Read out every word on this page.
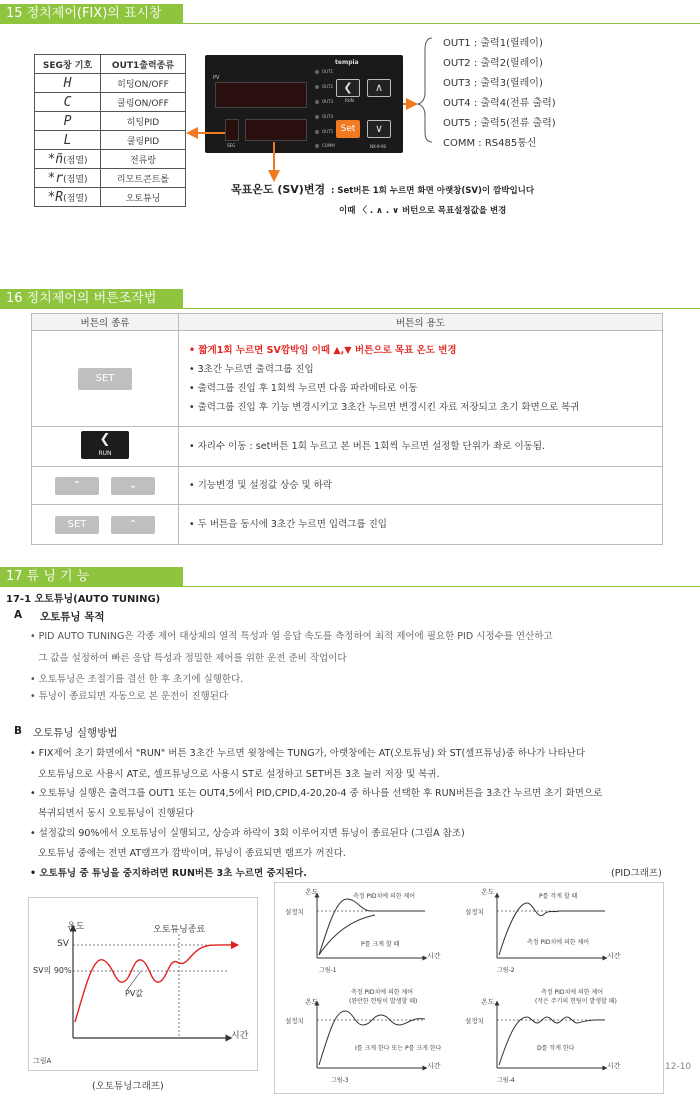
15 정치제어(FIX)의 표시창
SEG창 기호	OUT1출력종류
H	히팅ON/OFF
C	쿨링ON/OFF
P	히팅PID
L	쿨링PID
*ñ(점멸)	전류랑
*r(점멸)	리모트콘트롤
*R(점멸)	오토튜닝
tempia
PV
SEG
OUT1
OUT2
OUT3
OUT4
OUT5
COMM
❮
RUN
∧
Set	∨
NX-9-00
OUT1 : 출력1(릴레이)
OUT2 : 출력2(릴레이)
OUT3 : 출력3(릴레이)
OUT4 : 출력4(전류 출력)
OUT5 : 출력5(전류 출력)
COMM : RS485통신
목표온도 (SV)변경 : Set버튼 1회 누르면 화면 아랫창(SV)이 깜박입니다
이때 〈 . ∧ . ∨ 버턴으로 목표설정값을 변경
16 정치제어의 버튼조작법
버튼의 종류	버튼의 용도
SET	• 짧게1회 누르면 SV깜박임 이때 ▲,▼ 버튼으로 목표 온도 변경
• 3초간 누르면 출력그룹 진입
• 출력그룹 진입 후 1회씩 누르면 다음 파라메타로 이동
• 출력그룹 진입 후 기능 변경시키고 3초간 누르면 변경시킨 자료 저장되고 초기 화면으로 복귀

❮
RUN	• 자리수 이동 : set버튼 1회 누르고 본 버튼 1회씩 누르면 설정할 단위가 좌로 이동됨.
⌃ ⌄	• 기능변경 및 설정값 상승 및 하락
SET ⌃	• 두 버튼을 동시에 3초간 누르면 입력그룹 진입
17 튜 닝 기 능
17-1 오토튜닝(AUTO TUNING)
A 오토튜닝 목적
• PID AUTO TUNING은 각종 제어 대상체의 열적 특성과 열 응답 속도를 측정하여 최적 제어에 필요한 PID 시정수를 연산하고
그 값을 설정하여 빠른 응답 특성과 정밀한 제어를 위한 운전 준비 작업이다
• 오토튜닝은 조절기를 결선 한 후 초기에 실행한다.
• 튜닝이 종료되면 자동으로 본 운전이 진행된다
B 오토튜닝 실행방법
• FIX제어 초기 화면에서 "RUN" 버튼 3초간 누르면 윗창에는 TUNG가, 아랫창에는 AT(오토튜닝) 와 ST(셀프튜닝)중 하나가 나타난다
오토튜닝으로 사용시 AT로, 셀프튜닝으로 사용시 ST로 설정하고 SET버튼 3초 눌러 저장 및 복귀.
• 오토튜닝 실행은 출력그룹 OUT1 또는 OUT4,5에서 PID,CPID,4-20,20-4 중 하나를 선택한 후 RUN버튼을 3초간 누르면 초기 화면으로
복귀되면서 동시 오토튜닝이 진행된다
• 설정값의 90%에서 오토튜닝이 실행되고, 상승과 하락이 3회 이루어지면 튜닝이 종료된다 (그림A 참조)
오토튜닝 중에는 전면 AT램프가 깜박이며, 튜닝이 종료되면 램프가 꺼진다.
• 오토튜닝 중 튜닝을 중지하려면 RUN버튼 3초 누르면 중지된다.	(PID그래프)
온도
SV
SV의 90%
오토튜닝종료
PV값
시간
그림A
(오토튜닝그래프)
온도
설정치
측정 PID치에 의한 제어
P를 크게 할 때
시간
그림-1
온도
설정치
P를 작게 할 때
측정 PID치에 의한 제어
시간
그림-2
온도
설정치
측정 PID치에 의한 제어
(완만한 헌팅이 발생할 때)
I를 크게 한다 또는 P를 크게 한다
시간
그림-3
온도
설정치
측정 PID치에 의한 제어
(작은 주기의 헌팅이 발생할 때)
D를 작게 한다
시간
그림-4
12-10
